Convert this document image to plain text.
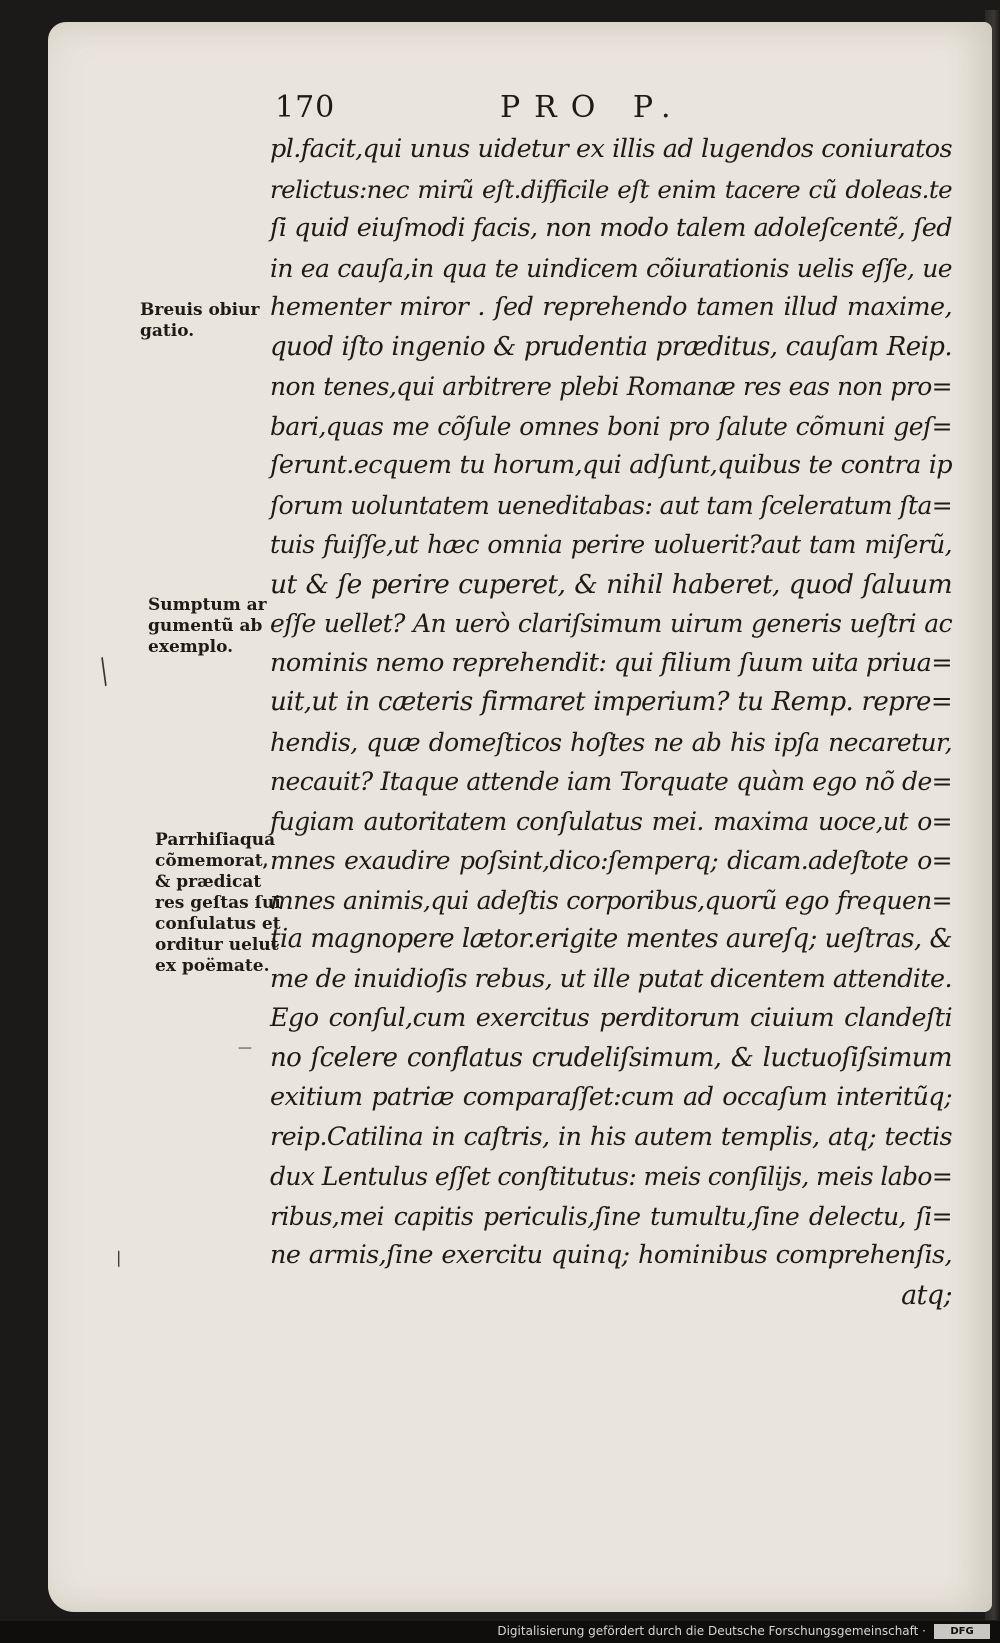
170	PRO P.
pl.facit,qui unus uidetur ex illis ad lugendos coniuratos
relictus:nec mirũ eſt.difficile eſt enim tacere cũ doleas.te
ſi quid eiuſmodi facis, non modo talem adoleſcentẽ, ſed
in ea cauſa,in qua te uindicem cõiurationis uelis eſſe, ue
hementer miror . ſed reprehendo tamen illud maxime,
quod iſto ingenio & prudentia præditus, cauſam Reip.
non tenes,qui arbitrere plebi Romanæ res eas non pro=
bari,quas me cõſule omnes boni pro ſalute cõmuni geſ=
ſerunt.ecquem tu horum,qui adſunt,quibus te contra ip
ſorum uoluntatem ueneditabas: aut tam ſceleratum ſta=
tuis fuiſſe,ut hæc omnia perire uoluerit?aut tam miſerũ,
ut & ſe perire cuperet, & nihil haberet, quod ſaluum
eſſe uellet? An uerò clariſsimum uirum generis ueſtri ac
nominis nemo reprehendit: qui filium ſuum uita priua=
uit,ut in cæteris firmaret imperium? tu Remp. repre=
hendis, quæ domeſticos hoſtes ne ab his ipſa necaretur,
necauit? Itaque attende iam Torquate quàm ego nõ de=
fugiam autoritatem conſulatus mei. maxima uoce,ut o=
mnes exaudire poſsint,dico:ſemperq; dicam.adeſtote o=
mnes animis,qui adeſtis corporibus,quorũ ego frequen=
tia magnopere lætor.erigite mentes aureſq; ueſtras, &
me de inuidioſis rebus, ut ille putat dicentem attendite.
Ego conſul,cum exercitus perditorum ciuium clandeſti
no ſcelere conflatus crudeliſsimum, & luctuoſiſsimum
exitium patriæ comparaſſet:cum ad occaſum interitũq;
reip.Catilina in caſtris, in his autem templis, atq; tectis
dux Lentulus eſſet conſtitutus: meis conſilijs, meis labo=
ribus,mei capitis periculis,ſine tumultu,ſine delectu, ſi=
ne armis,ſine exercitu quinq; hominibus comprehenſis,
atq;
Breuis obiur
gatio.
Sumptum ar
gumentũ ab
exemplo.
Parrhiſiaqua
cõmemorat,
& prædicat
res geſtas ſui
conſulatus et
orditur uelut
ex poëmate.
╱
—
❘
Digitalisierung gefördert durch die Deutsche Forschungsgemeinschaft ·	DFG
